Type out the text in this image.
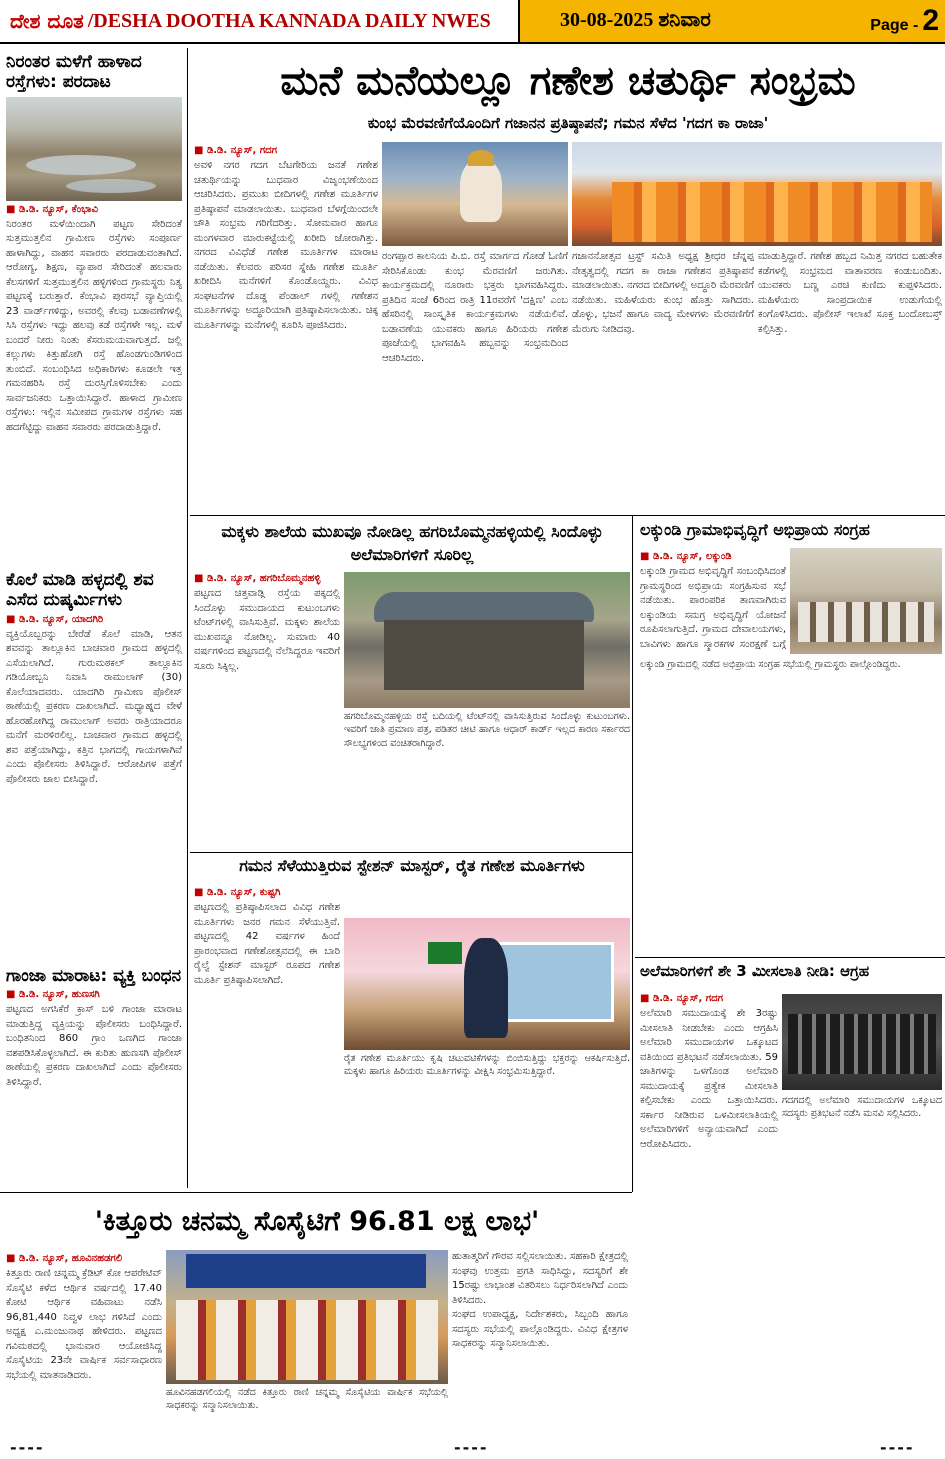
ದೇಶ ದೂತ /DESHA DOOTHA KANNADA DAILY NWES	30-08-2025 ಶನಿವಾರ	Page - 2
ನಿರಂತರ ಮಳೆಗೆ ಹಾಳಾದ ರಸ್ತೆಗಳು: ಪರದಾಟ
■ ಡಿ.ಡಿ. ನ್ಯೂಸ್, ಕೆಂಭಾವಿ
ನಿರಂತರ ಮಳೆಯಿಂದಾಗಿ ಪಟ್ಟಣ ಸೇರಿದಂತೆ ಸುತ್ತಮುತ್ತಲಿನ ಗ್ರಾಮೀಣ ರಸ್ತೆಗಳು ಸಂಪೂರ್ಣ ಹಾಳಾಗಿದ್ದು, ವಾಹನ ಸವಾರರು ಪರದಾಡುವಂತಾಗಿದೆ. ಆರೋಗ್ಯ, ಶಿಕ್ಷಣ, ವ್ಯಾಪಾರ ಸೇರಿದಂತೆ ಹಲವಾರು ಕೆಲಸಗಳಿಗೆ ಸುತ್ತಮುತ್ತಲಿನ ಹಳ್ಳಿಗಳಿಂದ ಗ್ರಾಮಸ್ಥರು ನಿತ್ಯ ಪಟ್ಟಣಕ್ಕೆ ಬರುತ್ತಾರೆ. ಕೆಂಭಾವಿ ಪುರಸಭೆ ವ್ಯಾಪ್ತಿಯಲ್ಲಿ 23 ವಾರ್ಡ್‌ಗಳಿದ್ದು, ಅವರಲ್ಲಿ ಕೆಲವು ಬಡಾವಣೆಗಳಲ್ಲಿ ಸಿಸಿ ರಸ್ತೆಗಳು ಇದ್ದು ಹಲವು ಕಡೆ ರಸ್ತೆಗಳೇ ಇಲ್ಲ. ಮಳೆ ಬಂದರೆ ನೀರು ನಿಂತು ಕೆಸರುಮಯವಾಗುತ್ತದೆ. ಜಲ್ಲಿ ಕಲ್ಲುಗಳು ಕಿತ್ತುಹೋಗಿ ರಸ್ತೆ ಹೊಂಡಗುಂಡಿಗಳಿಂದ ತುಂಬಿದೆ. ಸಂಬಂಧಿಸಿದ ಅಧಿಕಾರಿಗಳು ಕೂಡಲೇ ಇತ್ತ ಗಮನಹರಿಸಿ ರಸ್ತೆ ದುರಸ್ತಿಗೊಳಿಸಬೇಕು ಎಂದು ಸಾರ್ವಜನಿಕರು ಒತ್ತಾಯಿಸಿದ್ದಾರೆ. ಹಾಳಾದ ಗ್ರಾಮೀಣ ರಸ್ತೆಗಳು: ಇಲ್ಲಿನ ಸಮೀಪದ ಗ್ರಾಮಗಳ ರಸ್ತೆಗಳು ಸಹ ಹದಗೆಟ್ಟಿದ್ದು ವಾಹನ ಸವಾರರು ಪರದಾಡುತ್ತಿದ್ದಾರೆ.
ಕೊಲೆ ಮಾಡಿ ಹಳ್ಳದಲ್ಲಿ ಶವ ಎಸೆದ ದುಷ್ಕರ್ಮಿಗಳು
■ ಡಿ.ಡಿ. ನ್ಯೂಸ್, ಯಾದಗಿರಿ
ವ್ಯಕ್ತಿಯೊಬ್ಬರನ್ನು ಬೇರೆಡೆ ಕೊಲೆ ಮಾಡಿ, ಆತನ ಶವವನ್ನು ತಾಲ್ಲೂಕಿನ ಬಾಚವಾರ ಗ್ರಾಮದ ಹಳ್ಳದಲ್ಲಿ ಎಸೆಯಲಾಗಿದೆ. ಗುರುಮಠಕಲ್ ತಾಲ್ಲೂಕಿನ ಗಡಿಯೋಬ್ಬನಿ ನಿವಾಸಿ ರಾಮುಲಾಗ್ (30) ಕೊಲೆಯಾದವರು. ಯಾದಗಿರಿ ಗ್ರಾಮೀಣ ಪೊಲೀಸ್ ಠಾಣೆಯಲ್ಲಿ ಪ್ರಕರಣ ದಾಖಲಾಗಿದೆ. ಮಧ್ಯಾಹ್ನದ ವೇಳೆ ಹೊರಹೋಗಿದ್ದ ರಾಮುಲಾಗ್ ಅವರು ರಾತ್ರಿಯಾದರೂ ಮನೆಗೆ ಮರಳಿರಲಿಲ್ಲ. ಬಾಚವಾರ ಗ್ರಾಮದ ಹಳ್ಳದಲ್ಲಿ ಶವ ಪತ್ತೆಯಾಗಿದ್ದು, ಕತ್ತಿನ ಭಾಗದಲ್ಲಿ ಗಾಯಗಳಾಗಿವೆ ಎಂದು ಪೊಲೀಸರು ತಿಳಿಸಿದ್ದಾರೆ. ಆರೋಪಿಗಳ ಪತ್ತೆಗೆ ಪೊಲೀಸರು ಜಾಲ ಬೀಸಿದ್ದಾರೆ.
ಗಾಂಜಾ ಮಾರಾಟ: ವ್ಯಕ್ತಿ ಬಂಧನ
■ ಡಿ.ಡಿ. ನ್ಯೂಸ್, ಹುಣಸಗಿ
ಪಟ್ಟಣದ ಅಗಸಿಕೆರೆ ಕ್ರಾಸ್ ಬಳಿ ಗಾಂಜಾ ಮಾರಾಟ ಮಾಡುತ್ತಿದ್ದ ವ್ಯಕ್ತಿಯನ್ನು ಪೊಲೀಸರು ಬಂಧಿಸಿದ್ದಾರೆ. ಬಂಧಿತನಿಂದ 860 ಗ್ರಾಂ ಒಣಗಿದ ಗಾಂಜಾ ವಶಪಡಿಸಿಕೊಳ್ಳಲಾಗಿದೆ. ಈ ಕುರಿತು ಹುಣಸಗಿ ಪೊಲೀಸ್ ಠಾಣೆಯಲ್ಲಿ ಪ್ರಕರಣ ದಾಖಲಾಗಿದೆ ಎಂದು ಪೊಲೀಸರು ತಿಳಿಸಿದ್ದಾರೆ.
ಮನೆ ಮನೆಯಲ್ಲೂ ಗಣೇಶ ಚತುರ್ಥಿ ಸಂಭ್ರಮ
ಕುಂಭ ಮೆರವಣಿಗೆಯೊಂದಿಗೆ ಗಜಾನನ ಪ್ರತಿಷ್ಠಾಪನೆ; ಗಮನ ಸೆಳೆದ 'ಗದಗ ಕಾ ರಾಜಾ'
■ ಡಿ.ಡಿ. ನ್ಯೂಸ್, ಗದಗ
ಅವಳಿ ನಗರ ಗದಗ ಬೆಟಗೇರಿಯ ಜನತೆ ಗಣೇಶ ಚತುರ್ಥಿಯನ್ನು ಬುಧವಾರ ವಿಜೃಂಭಣೆಯಿಂದ ಆಚರಿಸಿದರು. ಪ್ರಮುಖ ಬೀದಿಗಳಲ್ಲಿ ಗಣೇಶ ಮೂರ್ತಿಗಳ ಪ್ರತಿಷ್ಠಾಪನೆ ಮಾಡಲಾಯಿತು. ಬುಧವಾರ ಬೆಳಗ್ಗೆಯಿಂದಲೇ ಚೌತಿ ಸಂಭ್ರಮ ಗರಿಗೆದರಿತ್ತು. ಸೋಮವಾರ ಹಾಗೂ ಮಂಗಳವಾರ ಮಾರುಕಟ್ಟೆಯಲ್ಲಿ ಖರೀದಿ ಜೋರಾಗಿತ್ತು. ನಗರದ ವಿವಿಧೆಡೆ ಗಣೇಶ ಮೂರ್ತಿಗಳ ಮಾರಾಟ ನಡೆಯಿತು. ಕೆಲವರು ಪರಿಸರ ಸ್ನೇಹಿ ಗಣೇಶ ಮೂರ್ತಿ ಖರೀದಿಸಿ ಮನೆಗಳಿಗೆ ಕೊಂಡೊಯ್ದರು. ವಿವಿಧ ಸಂಘಟನೆಗಳ ದೊಡ್ಡ ಪೆಂಡಾಲ್ ಗಳಲ್ಲಿ ಗಣೇಶನ ಮೂರ್ತಿಗಳನ್ನು ಅದ್ಧೂರಿಯಾಗಿ ಪ್ರತಿಷ್ಠಾಪಿಸಲಾಯಿತು. ಚಿಕ್ಕ ಮೂರ್ತಿಗಳನ್ನು ಮನೆಗಳಲ್ಲಿ ಕೂರಿಸಿ ಪೂಜಿಸಿದರು.
ರಂಗಪ್ಪಾರ ಕಾಲನಿಯ ಪಿ.ಬಿ. ರಸ್ತೆ ಮಾರ್ಗದ ಗೋಡೆ ಓಣಿಗೆ ಸೇರಿಸಿಕೊಂಡು ಕುಂಭ ಮೆರವಣಿಗೆ ಜರುಗಿತು. ಕಾರ್ಯಕ್ರಮದಲ್ಲಿ ನೂರಾರು ಭಕ್ತರು ಭಾಗವಹಿಸಿದ್ದರು. ಪ್ರತಿದಿನ ಸಂಜೆ 6ರಿಂದ ರಾತ್ರಿ 11ರವರೆಗೆ 'ದಕ್ಷಿಣ' ಎಂಬ ಹೆಸರಿನಲ್ಲಿ ಸಾಂಸ್ಕೃತಿಕ ಕಾರ್ಯಕ್ರಮಗಳು ನಡೆಯಲಿವೆ. ಬಡಾವಣೆಯ ಯುವಕರು ಹಾಗೂ ಹಿರಿಯರು ಗಣೇಶ ಪೂಜೆಯಲ್ಲಿ ಭಾಗವಹಿಸಿ ಹಬ್ಬವನ್ನು ಸಂಭ್ರಮದಿಂದ ಆಚರಿಸಿದರು.
ಗಜಾನನೋತ್ಸವ ಟ್ರಸ್ಟ್ ಸಮಿತಿ ಅಧ್ಯಕ್ಷ ಶ್ರೀಧರ ಚೆನ್ನಪ್ಪ ನೇತೃತ್ವದಲ್ಲಿ ಗದಗ ಕಾ ರಾಜಾ ಗಣೇಶನ ಪ್ರತಿಷ್ಠಾಪನೆ ಮಾಡಲಾಯಿತು. ನಗರದ ಬೀದಿಗಳಲ್ಲಿ ಅದ್ಧೂರಿ ಮೆರವಣಿಗೆ ನಡೆಯಿತು. ಮಹಿಳೆಯರು ಕುಂಭ ಹೊತ್ತು ಸಾಗಿದರು. ಡೊಳ್ಳು, ಭಜನೆ ಹಾಗೂ ವಾದ್ಯ ಮೇಳಗಳು ಮೆರವಣಿಗೆಗೆ ಮೆರುಗು ನೀಡಿದವು.
ಮಾಡುತ್ತಿದ್ದಾರೆ. ಗಣೇಶ ಹಬ್ಬದ ನಿಮಿತ್ತ ನಗರದ ಬಹುತೇಕ ಕಡೆಗಳಲ್ಲಿ ಸಂಭ್ರಮದ ವಾತಾವರಣ ಕಂಡುಬಂದಿತು. ಯುವಕರು ಬಣ್ಣ ಎರಚಿ ಕುಣಿದು ಕುಪ್ಪಳಿಸಿದರು. ಮಹಿಳೆಯರು ಸಾಂಪ್ರದಾಯಿಕ ಉಡುಗೆಯಲ್ಲಿ ಕಂಗೊಳಿಸಿದರು. ಪೊಲೀಸ್ ಇಲಾಖೆ ಸೂಕ್ತ ಬಂದೋಬಸ್ತ್ ಕಲ್ಪಿಸಿತ್ತು.
ಮಕ್ಕಳು ಶಾಲೆಯ ಮುಖವೂ ನೋಡಿಲ್ಲ ಹಗರಿಬೊಮ್ಮನಹಳ್ಳಿಯಲ್ಲಿ ಸಿಂದೊಳ್ಳು ಅಲೆಮಾರಿಗಳಿಗೆ ಸೂರಿಲ್ಲ
■ ಡಿ.ಡಿ. ನ್ಯೂಸ್, ಹಗರಿಬೊಮ್ಮನಹಳ್ಳಿ
ಪಟ್ಟಣದ ಚಿತ್ತವಾಡ್ಗಿ ರಸ್ತೆಯ ಪಕ್ಕದಲ್ಲಿ ಸಿಂದೊಳ್ಳು ಸಮುದಾಯದ ಕುಟುಂಬಗಳು ಟೆಂಟ್‌ಗಳಲ್ಲಿ ವಾಸಿಸುತ್ತಿವೆ. ಮಕ್ಕಳು ಶಾಲೆಯ ಮುಖವನ್ನೂ ನೋಡಿಲ್ಲ. ಸುಮಾರು 40 ವರ್ಷಗಳಿಂದ ಪಟ್ಟಣದಲ್ಲಿ ನೆಲೆಸಿದ್ದರೂ ಇವರಿಗೆ ಸೂರು ಸಿಕ್ಕಿಲ್ಲ.
ಹಗರಿಬೊಮ್ಮನಹಳ್ಳಿಯ ರಸ್ತೆ ಬದಿಯಲ್ಲಿ ಟೆಂಟ್‌ನಲ್ಲಿ ವಾಸಿಸುತ್ತಿರುವ ಸಿಂದೊಳ್ಳು ಕುಟುಂಬಗಳು. ಇವರಿಗೆ ಜಾತಿ ಪ್ರಮಾಣ ಪತ್ರ, ಪಡಿತರ ಚೀಟಿ ಹಾಗೂ ಆಧಾರ್ ಕಾರ್ಡ್ ಇಲ್ಲದ ಕಾರಣ ಸರ್ಕಾರದ ಸೌಲಭ್ಯಗಳಿಂದ ವಂಚಿತರಾಗಿದ್ದಾರೆ.
ಲಕ್ಕುಂಡಿ ಗ್ರಾಮಾಭಿವೃದ್ಧಿಗೆ ಅಭಿಪ್ರಾಯ ಸಂಗ್ರಹ
■ ಡಿ.ಡಿ. ನ್ಯೂಸ್, ಲಕ್ಕುಂಡಿ
ಲಕ್ಕುಂಡಿ ಗ್ರಾಮದ ಅಭಿವೃದ್ಧಿಗೆ ಸಂಬಂಧಿಸಿದಂತೆ ಗ್ರಾಮಸ್ಥರಿಂದ ಅಭಿಪ್ರಾಯ ಸಂಗ್ರಹಿಸುವ ಸಭೆ ನಡೆಯಿತು. ಪಾರಂಪರಿಕ ತಾಣವಾಗಿರುವ ಲಕ್ಕುಂಡಿಯ ಸಮಗ್ರ ಅಭಿವೃದ್ಧಿಗೆ ಯೋಜನೆ ರೂಪಿಸಲಾಗುತ್ತಿದೆ. ಗ್ರಾಮದ ದೇವಾಲಯಗಳು, ಬಾವಿಗಳು ಹಾಗೂ ಸ್ಮಾರಕಗಳ ಸಂರಕ್ಷಣೆ ಬಗ್ಗೆ
ಲಕ್ಕುಂಡಿ ಗ್ರಾಮದಲ್ಲಿ ನಡೆದ ಅಭಿಪ್ರಾಯ ಸಂಗ್ರಹ ಸಭೆಯಲ್ಲಿ ಗ್ರಾಮಸ್ಥರು ಪಾಲ್ಗೊಂಡಿದ್ದರು.
ಗಮನ ಸೆಳೆಯುತ್ತಿರುವ ಸ್ಟೇಶನ್ ಮಾಸ್ಟರ್, ರೈತ ಗಣೇಶ ಮೂರ್ತಿಗಳು
■ ಡಿ.ಡಿ. ನ್ಯೂಸ್, ಕುಷ್ಟಗಿ
ಪಟ್ಟಣದಲ್ಲಿ ಪ್ರತಿಷ್ಠಾಪಿಸಲಾದ ವಿವಿಧ ಗಣೇಶ ಮೂರ್ತಿಗಳು ಜನರ ಗಮನ ಸೆಳೆಯುತ್ತಿವೆ. ಪಟ್ಟಣದಲ್ಲಿ 42 ವರ್ಷಗಳ ಹಿಂದೆ ಪ್ರಾರಂಭವಾದ ಗಣೇಶೋತ್ಸವದಲ್ಲಿ ಈ ಬಾರಿ ರೈಲ್ವೆ ಸ್ಟೇಶನ್ ಮಾಸ್ಟರ್ ರೂಪದ ಗಣೇಶ ಮೂರ್ತಿ ಪ್ರತಿಷ್ಠಾಪಿಸಲಾಗಿದೆ.
ರೈತ ಗಣೇಶ ಮೂರ್ತಿಯು ಕೃಷಿ ಚಟುವಟಿಕೆಗಳನ್ನು ಬಿಂಬಿಸುತ್ತಿದ್ದು ಭಕ್ತರನ್ನು ಆಕರ್ಷಿಸುತ್ತಿದೆ. ಮಕ್ಕಳು ಹಾಗೂ ಹಿರಿಯರು ಮೂರ್ತಿಗಳನ್ನು ವೀಕ್ಷಿಸಿ ಸಂಭ್ರಮಿಸುತ್ತಿದ್ದಾರೆ.
ಅಲೆಮಾರಿಗಳಿಗೆ ಶೇ 3 ಮೀಸಲಾತಿ ನೀಡಿ: ಆಗ್ರಹ
■ ಡಿ.ಡಿ. ನ್ಯೂಸ್, ಗದಗ
ಅಲೆಮಾರಿ ಸಮುದಾಯಕ್ಕೆ ಶೇ 3ರಷ್ಟು ಮೀಸಲಾತಿ ನೀಡಬೇಕು ಎಂದು ಆಗ್ರಹಿಸಿ ಅಲೆಮಾರಿ ಸಮುದಾಯಗಳ ಒಕ್ಕೂಟದ ವತಿಯಿಂದ ಪ್ರತಿಭಟನೆ ನಡೆಸಲಾಯಿತು. 59 ಜಾತಿಗಳನ್ನು ಒಳಗೊಂಡ ಅಲೆಮಾರಿ ಸಮುದಾಯಕ್ಕೆ ಪ್ರತ್ಯೇಕ ಮೀಸಲಾತಿ ಕಲ್ಪಿಸಬೇಕು ಎಂದು ಒತ್ತಾಯಿಸಿದರು. ಸರ್ಕಾರ ನೀಡಿರುವ ಒಳಮೀಸಲಾತಿಯಲ್ಲಿ ಅಲೆಮಾರಿಗಳಿಗೆ ಅನ್ಯಾಯವಾಗಿದೆ ಎಂದು ಆರೋಪಿಸಿದರು.
ಗದಗದಲ್ಲಿ ಅಲೆಮಾರಿ ಸಮುದಾಯಗಳ ಒಕ್ಕೂಟದ ಸದಸ್ಯರು ಪ್ರತಿಭಟನೆ ನಡೆಸಿ ಮನವಿ ಸಲ್ಲಿಸಿದರು.
'ಕಿತ್ತೂರು ಚನಮ್ಮ ಸೊಸೈಟಿಗೆ 96.81 ಲಕ್ಷ ಲಾಭ'
■ ಡಿ.ಡಿ. ನ್ಯೂಸ್, ಹೂವಿನಹಡಗಲಿ
ಕಿತ್ತೂರು ರಾಣಿ ಚನ್ನಮ್ಮ ಕ್ರೆಡಿಟ್ ಕೋ ಆಪರೇಟಿವ್ ಸೊಸೈಟಿ ಕಳೆದ ಆರ್ಥಿಕ ವರ್ಷದಲ್ಲಿ 17.40 ಕೋಟಿ ಆರ್ಥಿಕ ವಹಿವಾಟು ನಡೆಸಿ 96,81,440 ನಿವ್ವಳ ಲಾಭ ಗಳಿಸಿದೆ ಎಂದು ಅಧ್ಯಕ್ಷ ಎ.ಮಂಜುನಾಥ ಹೇಳಿದರು. ಪಟ್ಟಣದ ಗವಿಮಠದಲ್ಲಿ ಭಾನುವಾರ ಆಯೋಜಿಸಿದ್ದ ಸೊಸೈಟಿಯ 23ನೇ ವಾರ್ಷಿಕ ಸರ್ವಸಾಧಾರಣ ಸಭೆಯಲ್ಲಿ ಮಾತನಾಡಿದರು.
ಹೂವಿನಹಡಗಲಿಯಲ್ಲಿ ನಡೆದ ಕಿತ್ತೂರು ರಾಣಿ ಚನ್ನಮ್ಮ ಸೊಸೈಟಿಯ ವಾರ್ಷಿಕ ಸಭೆಯಲ್ಲಿ ಸಾಧಕರನ್ನು ಸನ್ಮಾನಿಸಲಾಯಿತು.
ಹುತಾತ್ಮರಿಗೆ ಗೌರವ ಸಲ್ಲಿಸಲಾಯಿತು. ಸಹಕಾರಿ ಕ್ಷೇತ್ರದಲ್ಲಿ ಸಂಘವು ಉತ್ತಮ ಪ್ರಗತಿ ಸಾಧಿಸಿದ್ದು, ಸದಸ್ಯರಿಗೆ ಶೇ 15ರಷ್ಟು ಲಾಭಾಂಶ ವಿತರಿಸಲು ನಿರ್ಧರಿಸಲಾಗಿದೆ ಎಂದು ತಿಳಿಸಿದರು.
ಸಂಘದ ಉಪಾಧ್ಯಕ್ಷ, ನಿರ್ದೇಶಕರು, ಸಿಬ್ಬಂದಿ ಹಾಗೂ ಸದಸ್ಯರು ಸಭೆಯಲ್ಲಿ ಪಾಲ್ಗೊಂಡಿದ್ದರು. ವಿವಿಧ ಕ್ಷೇತ್ರಗಳ ಸಾಧಕರನ್ನು ಸನ್ಮಾನಿಸಲಾಯಿತು.
----	----	----
